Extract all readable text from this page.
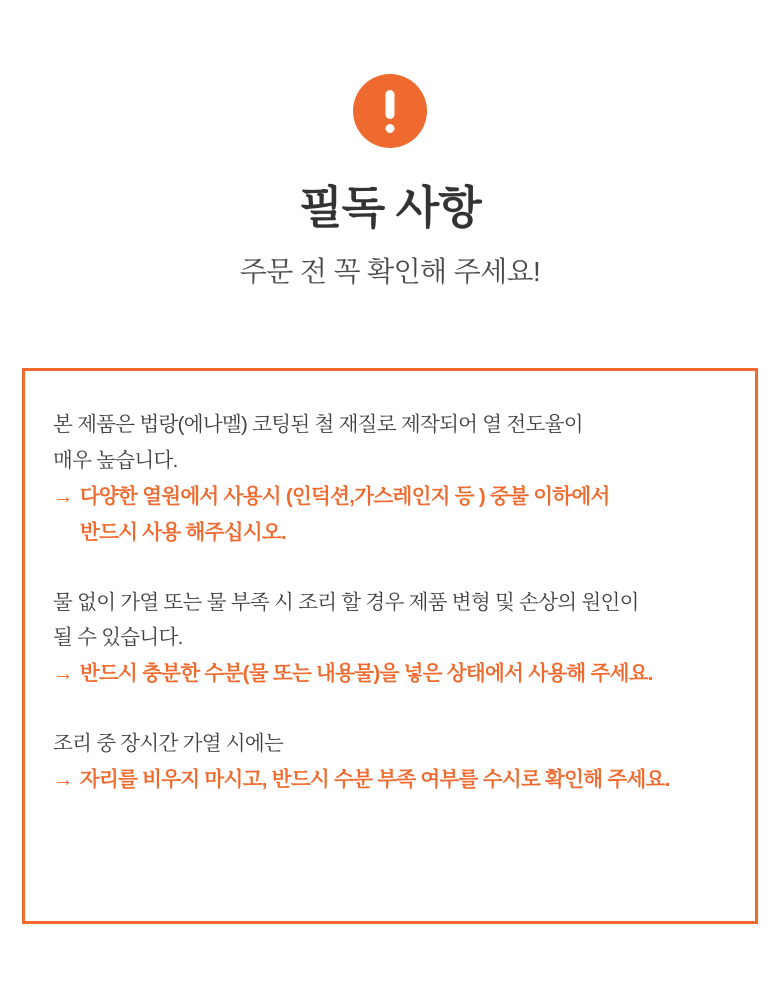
필독 사항

주문 전 꼭 확인해 주세요!

본 제품은 법랑(에나멜) 코팅된 철 재질로 제작되어 열 전도율이
매우 높습니다.
→ 다양한 열원에서 사용시 (인덕션,가스레인지 등 ) 중불 이하에서
반드시 사용 해주십시오.
물 없이 가열 또는 물 부족 시 조리 할 경우 제품 변형 및 손상의 원인이
될 수 있습니다.
→ 반드시 충분한 수분(물 또는 내용물)을 넣은 상태에서 사용해 주세요.
조리 중 장시간 가열 시에는
→ 자리를 비우지 마시고, 반드시 수분 부족 여부를 수시로 확인해 주세요.
